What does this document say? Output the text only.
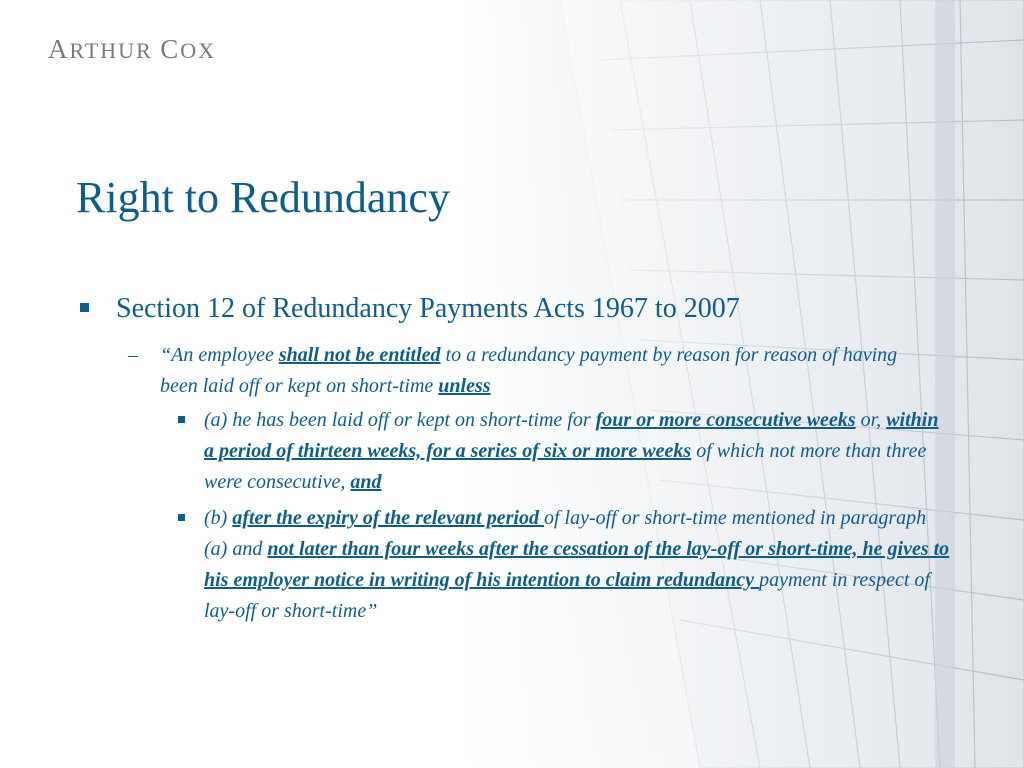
ARTHUR COX
Right to Redundancy
Section 12 of Redundancy Payments Acts 1967 to 2007
– “An employee shall not be entitled to a redundancy payment by reason for reason of having been laid off or kept on short-time unless
(a) he has been laid off or kept on short-time for four or more consecutive weeks or, within a period of thirteen weeks, for a series of six or more weeks of which not more than three were consecutive, and
(b) after the expiry of the relevant period of lay-off or short-time mentioned in paragraph (a) and not later than four weeks after the cessation of the lay-off or short-time, he gives to his employer notice in writing of his intention to claim redundancy payment in respect of lay-off or short-time”
